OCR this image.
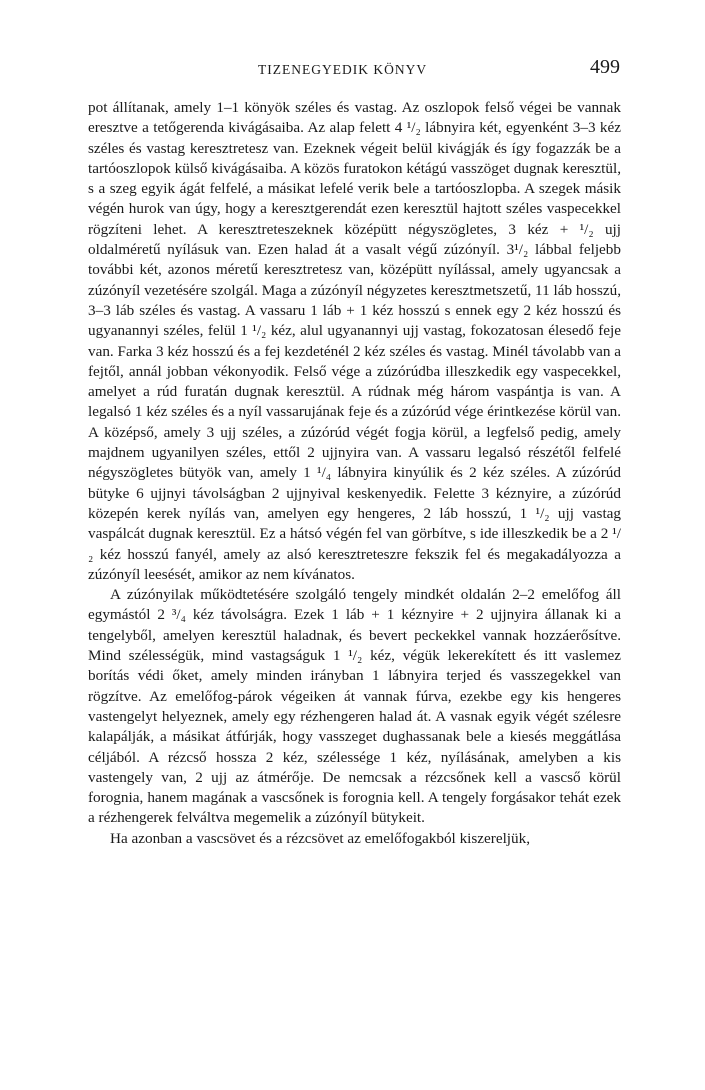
TIZENEGYEDIK KÖNYV	499

pot állítanak, amely 1–1 könyök széles és vastag. Az oszlopok felső végei be vannak eresztve a tetőgerenda kivágásaiba. Az alap felett 4 ¹/₂ lábnyira két, egyenként 3–3 kéz széles és vastag keresztretesz van. Ezeknek végeit belül kivágják és így fogazzák be a tartóoszlopok külső kivágásaiba. A közös furatokon kétágú vasszöget dugnak keresztül, s a szeg egyik ágát felfelé, a másikat lefelé verik bele a tartóoszlopba. A szegek másik végén hurok van úgy, hogy a keresztgerendát ezen keresztül hajtott széles vaspecekkel rögzíteni lehet. A keresztreteszeknek középütt négyszögletes, 3 kéz + ¹/₂ ujj oldalméretű nyílásuk van. Ezen halad át a vasalt végű zúzónyíl. 3¹/₂ lábbal feljebb további két, azonos méretű keresztretesz van, középütt nyílással, amely ugyancsak a zúzónyíl vezetésére szolgál. Maga a zúzónyíl négyzetes keresztmetszetű, 11 láb hosszú, 3–3 láb széles és vastag. A vassaru 1 láb + 1 kéz hosszú s ennek egy 2 kéz hosszú és ugyanannyi széles, felül 1 ¹/₂ kéz, alul ugyanannyi ujj vastag, fokozatosan élesedő feje van. Farka 3 kéz hosszú és a fej kezdeténél 2 kéz széles és vastag. Minél távolabb van a fejtől, annál jobban vékonyodik. Felső vége a zúzórúdba illeszkedik egy vaspecekkel, amelyet a rúd furatán dugnak keresztül. A rúdnak még három vaspántja is van. A legalsó 1 kéz széles és a nyíl vassarujának feje és a zúzórúd vége érintkezése körül van. A középső, amely 3 ujj széles, a zúzórúd végét fogja körül, a legfelső pedig, amely majdnem ugyanilyen széles, ettől 2 ujjnyira van. A vassaru legalsó részétől felfelé négyszögletes bütyök van, amely 1 ¹/₄ lábnyira kinyúlik és 2 kéz széles. A zúzórúd bütyke 6 ujjnyi távolságban 2 ujjnyival keskenyedik. Felette 3 kéznyire, a zúzórúd közepén kerek nyílás van, amelyen egy hengeres, 2 láb hosszú, 1 ¹/₂ ujj vastag vaspálcát dugnak keresztül. Ez a hátsó végén fel van görbítve, s ide illeszkedik be a 2 ¹/₂ kéz hosszú fanyél, amely az alsó keresztreteszre fekszik fel és megakadályozza a zúzónyíl leesését, amikor az nem kívánatos.

A zúzónyilak működtetésére szolgáló tengely mindkét oldalán 2–2 emelőfog áll egymástól 2 ³/₄ kéz távolságra. Ezek 1 láb + 1 kéznyire + 2 ujjnyira állanak ki a tengelyből, amelyen keresztül haladnak, és bevert peckekkel vannak hozzáerősítve. Mind szélességük, mind vastagságuk 1 ¹/₂ kéz, végük lekerekített és itt vaslemez borítás védi őket, amely minden irányban 1 lábnyira terjed és vasszegekkel van rögzítve. Az emelőfog-párok végeiken át vannak fúrva, ezekbe egy kis hengeres vastengelyt helyeznek, amely egy rézhengeren halad át. A vasnak egyik végét szélesre kalapálják, a másikat átfúrják, hogy vasszeget dughassanak bele a kiesés meggátlása céljából. A rézcső hossza 2 kéz, szélessége 1 kéz, nyílásának, amelyben a kis vastengely van, 2 ujj az átmérője. De nemcsak a rézcsőnek kell a vascső körül forognia, hanem magának a vascsőnek is forognia kell. A tengely forgásakor tehát ezek a rézhengerek felváltva megemelik a zúzónyíl bütykeit.

Ha azonban a vascsövet és a rézcsövet az emelőfogakból kiszereljük,
